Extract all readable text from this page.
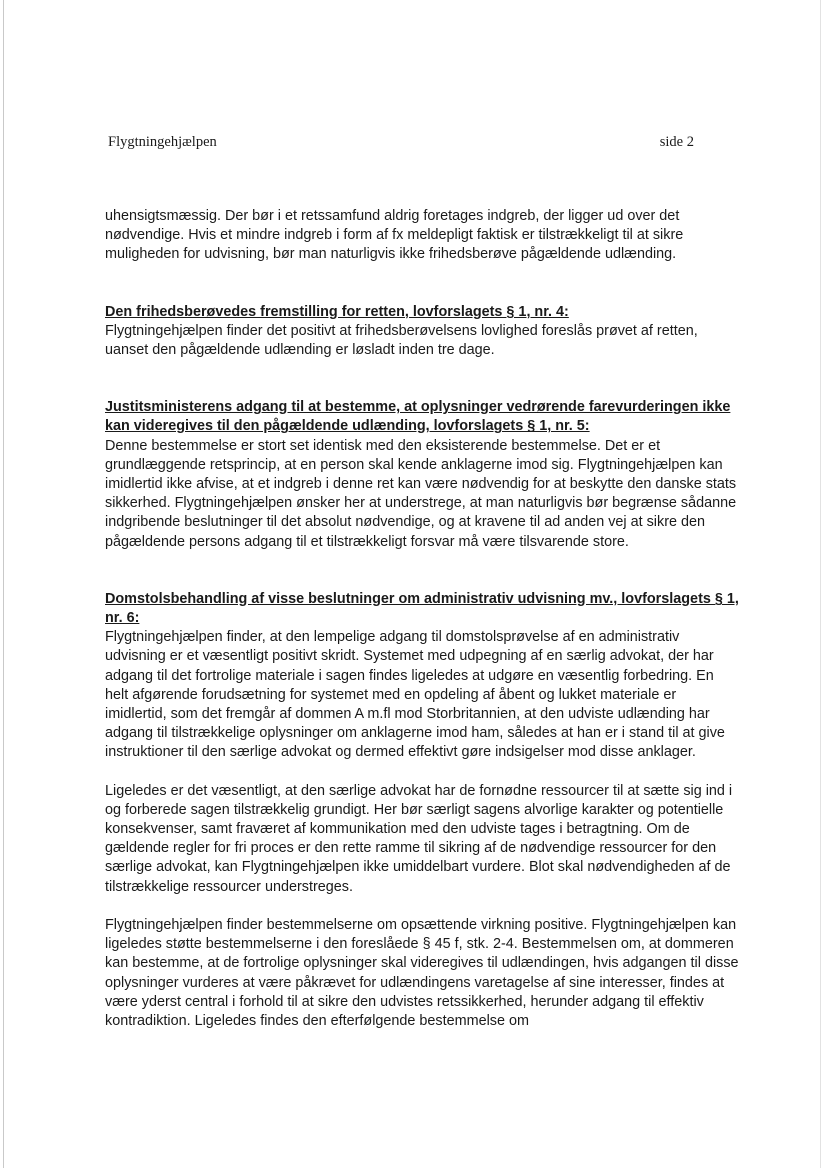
Flygtningehjælpen	side 2

uhensigtsmæssig. Der bør i et retssamfund aldrig foretages indgreb, der ligger ud over det nødvendige. Hvis et mindre indgreb i form af fx meldepligt faktisk er tilstrækkeligt til at sikre muligheden for udvisning, bør man naturligvis ikke frihedsberøve pågældende udlænding.

Den frihedsberøvedes fremstilling for retten, lovforslagets § 1, nr. 4:

Flygtningehjælpen finder det positivt at frihedsberøvelsens lovlighed foreslås prøvet af retten, uanset den pågældende udlænding er løsladt inden tre dage.

Justitsministerens adgang til at bestemme, at oplysninger vedrørende farevurderingen ikke kan videregives til den pågældende udlænding, lovforslagets § 1, nr. 5:

Denne bestemmelse er stort set identisk med den eksisterende bestemmelse. Det er et grundlæggende retsprincip, at en person skal kende anklagerne imod sig. Flygtningehjælpen kan imidlertid ikke afvise, at et indgreb i denne ret kan være nødvendig for at beskytte den danske stats sikkerhed. Flygtningehjælpen ønsker her at understrege, at man naturligvis bør begrænse sådanne indgribende beslutninger til det absolut nødvendige, og at kravene til ad anden vej at sikre den pågældende persons adgang til et tilstrækkeligt forsvar må være tilsvarende store.

Domstolsbehandling af visse beslutninger om administrativ udvisning mv., lovforslagets § 1, nr. 6:

Flygtningehjælpen finder, at den lempelige adgang til domstolsprøvelse af en administrativ udvisning er et væsentligt positivt skridt. Systemet med udpegning af en særlig advokat, der har adgang til det fortrolige materiale i sagen findes ligeledes at udgøre en væsentlig forbedring. En helt afgørende forudsætning for systemet med en opdeling af åbent og lukket materiale er imidlertid, som det fremgår af dommen A m.fl mod Storbritannien, at den udviste udlænding har adgang til tilstrækkelige oplysninger om anklagerne imod ham, således at han er i stand til at give instruktioner til den særlige advokat og dermed effektivt gøre indsigelser mod disse anklager.

Ligeledes er det væsentligt, at den særlige advokat har de fornødne ressourcer til at sætte sig ind i og forberede sagen tilstrækkelig grundigt. Her bør særligt sagens alvorlige karakter og potentielle konsekvenser, samt fraværet af kommunikation med den udviste tages i betragtning. Om de gældende regler for fri proces er den rette ramme til sikring af de nødvendige ressourcer for den særlige advokat, kan Flygtningehjælpen ikke umiddelbart vurdere. Blot skal nødvendigheden af de tilstrækkelige ressourcer understreges.

Flygtningehjælpen finder bestemmelserne om opsættende virkning positive. Flygtningehjælpen kan ligeledes støtte bestemmelserne i den foreslåede § 45 f, stk. 2-4. Bestemmelsen om, at dommeren kan bestemme, at de fortrolige oplysninger skal videregives til udlændingen, hvis adgangen til disse oplysninger vurderes at være påkrævet for udlændingens varetagelse af sine interesser, findes at være yderst central i forhold til at sikre den udvistes retssikkerhed, herunder adgang til effektiv kontradiktion. Ligeledes findes den efterfølgende bestemmelse om
